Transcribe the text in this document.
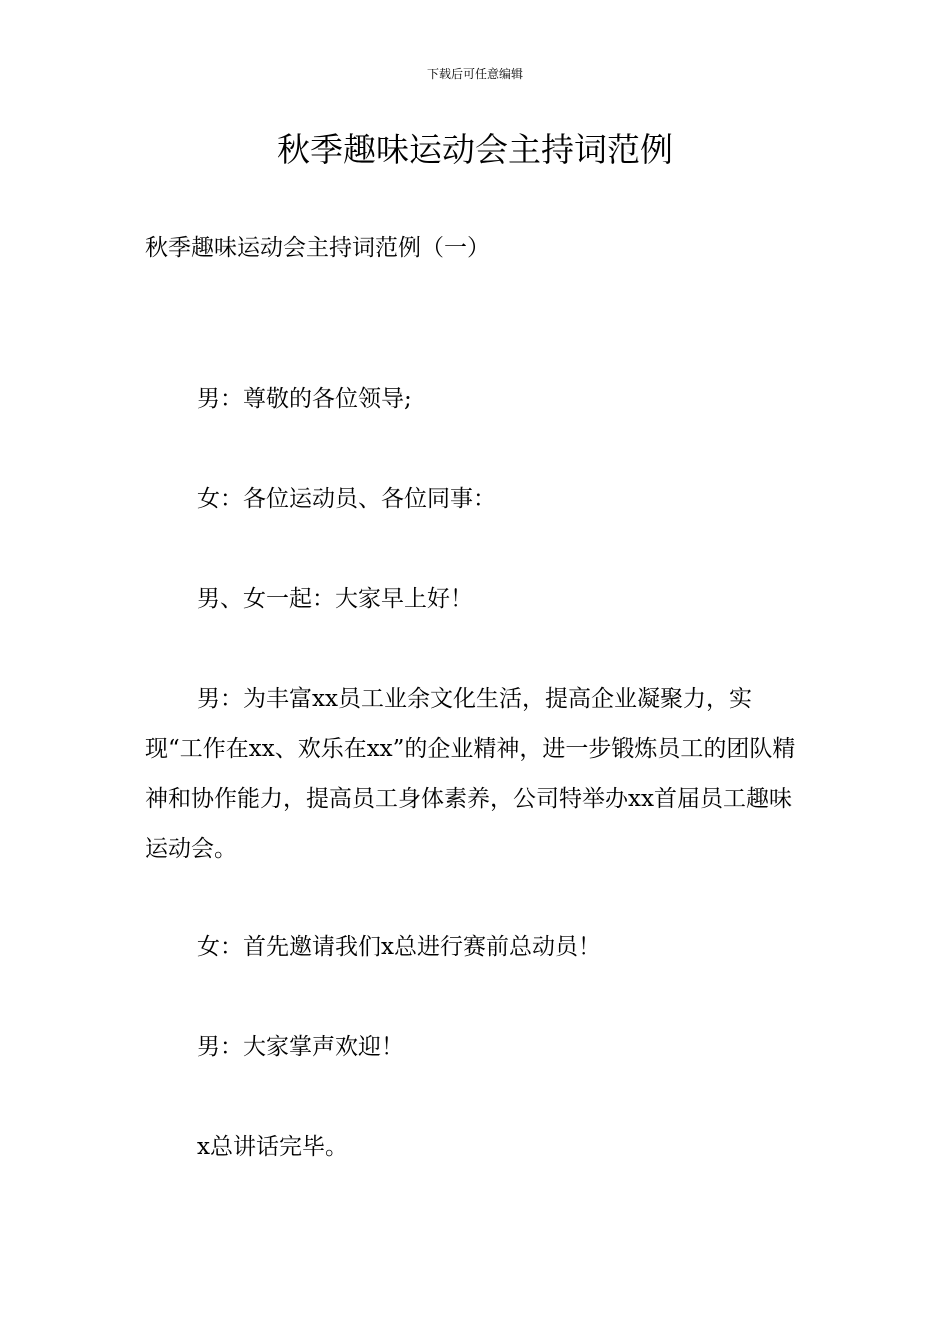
下载后可任意编辑
秋季趣味运动会主持词范例
秋季趣味运动会主持词范例（一）

男：尊敬的各位领导;

女：各位运动员、各位同事：

男、女一起：大家早上好！

男：为丰富xx员工业余文化生活，提高企业凝聚力，实现“工作在xx、欢乐在xx”的企业精神，进一步锻炼员工的团队精神和协作能力，提高员工身体素养，公司特举办xx首届员工趣味运动会。

女：首先邀请我们x总进行赛前总动员！

男：大家掌声欢迎！

x总讲话完毕。
